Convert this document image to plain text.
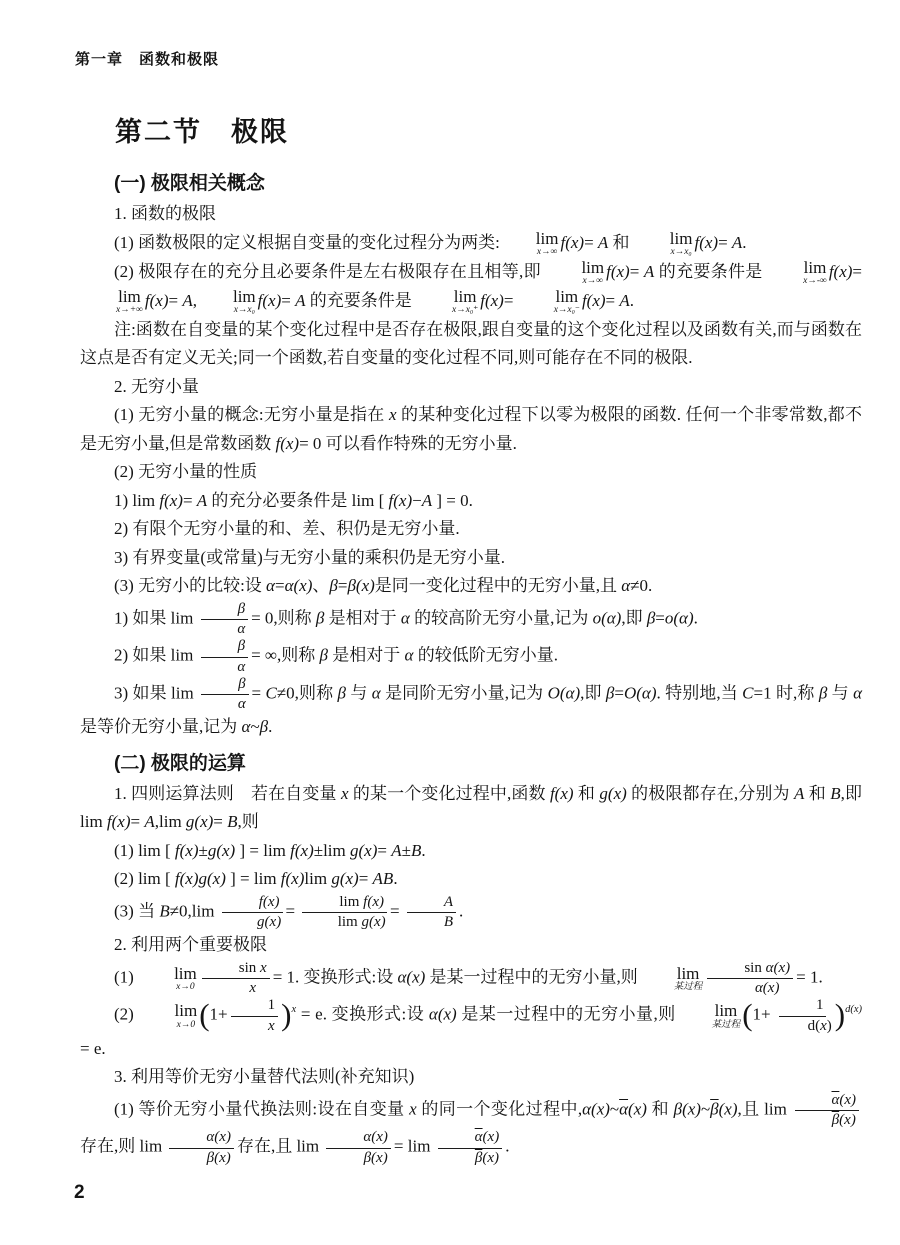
第一章　函数和极限
第二节　极限
(一) 极限相关概念

1. 函数的极限

(1) 函数极限的定义根据自变量的变化过程分为两类:	lim
x→∞
f(x)= A 和	lim
x→x₀
f(x)= A.

(2) 极限存在的充分且必要条件是左右极限存在且相等,即	lim
x→∞
f(x)= A 的充要条件是	lim
x→-∞
f(x)=
lim
x→+∞
f(x)= A,	lim
x→x₀
f(x)= A 的充要条件是	lim
x→x₀⁺
f(x)=	lim
x→x₀⁻
f(x)= A.

注:函数在自变量的某个变化过程中是否存在极限,跟自变量的这个变化过程以及函数有关,而与函数在这点是否有定义无关;同一个函数,若自变量的变化过程不同,则可能存在不同的极限.

2. 无穷小量

(1) 无穷小量的概念:无穷小量是指在 x 的某种变化过程下以零为极限的函数. 任何一个非零常数,都不是无穷小量,但是常数函数 f(x)= 0 可以看作特殊的无穷小量.

(2) 无穷小量的性质

1) lim f(x)= A 的充分必要条件是 lim [ f(x)−A ] = 0.

2) 有限个无穷小量的和、差、积仍是无穷小量.

3) 有界变量(或常量)与无穷小量的乘积仍是无穷小量.

(3) 无穷小的比较:设 α=α(x)、β=β(x)是同一变化过程中的无穷小量,且 α≠0.

1) 如果 $\lim \frac{\beta}{\alpha} = 0$,则称 β 是相对于 α 的较高阶无穷小量,记为 o(α),即 β=o(α).

2) 如果 $\lim \frac{\beta}{\alpha}$ = ∞,则称 β 是相对于 α 的较低阶无穷小量.

3) 如果 $\lim \frac{\beta}{\alpha} = C\ne 0$,则称 β 与 α 是同阶无穷小量,记为 O(α),即 β=O(α). 特别地,当 C=1 时,称 β 与 α 是等价无穷小量,记为 α~β.

(二) 极限的运算

1. 四则运算法则　若在自变量 x 的某一个变化过程中,函数 f(x) 和 g(x) 的极限都存在,分别为 A 和 B,即 lim f(x)= A,lim g(x)= B,则

(1) lim [ f(x)±g(x) ] = lim f(x)±lim g(x)= A±B.

(2) lim [ f(x)g(x) ] = lim f(x)lim g(x)= AB.

(3) 当 $B\ne 0,\lim \frac{f(x)}{g(x)} = \frac{\text{lim f(x)}}{\text{lim g(x)}} = \frac{A}{B}$ .

2. 利用两个重要极限

(1)	lim
$x\to 0 \frac{\text{sin x}}{x} = 1$. 变换形式:设 α(x) 是某一过程中的无穷小量,则	lim
某过程 $\frac{\text{sin α(x)}}{\alpha(x)} = 1$.

(2)	lim
x→0 $(1+ \frac{1}{x} )^x = e$. 变换形式:设 α(x) 是某一过程中的无穷小量,则	lim
某过程 $(1+ \frac{1}{d(x)} )^{d(x)} = e$.

3. 利用等价无穷小量替代法则(补充知识)

(1) 等价无穷小量代换法则:设在自变量 x 的同一个变化过程中$,\alpha(x)\sim\overline{\alpha}(x)$ 和 $\beta(x)\sim\overline{\beta}(x)$,且 $\lim \frac{\overline{\alpha}(x)}{\overline{\beta}(x)}$
存在,则 $\lim \frac{\alpha(x)}{\beta(x)}$ 存在,且 $\lim \frac{\alpha(x)}{\beta(x)} = \lim \frac{\overline{\alpha}(x)}{\overline{\beta}(x)}$ .

2
